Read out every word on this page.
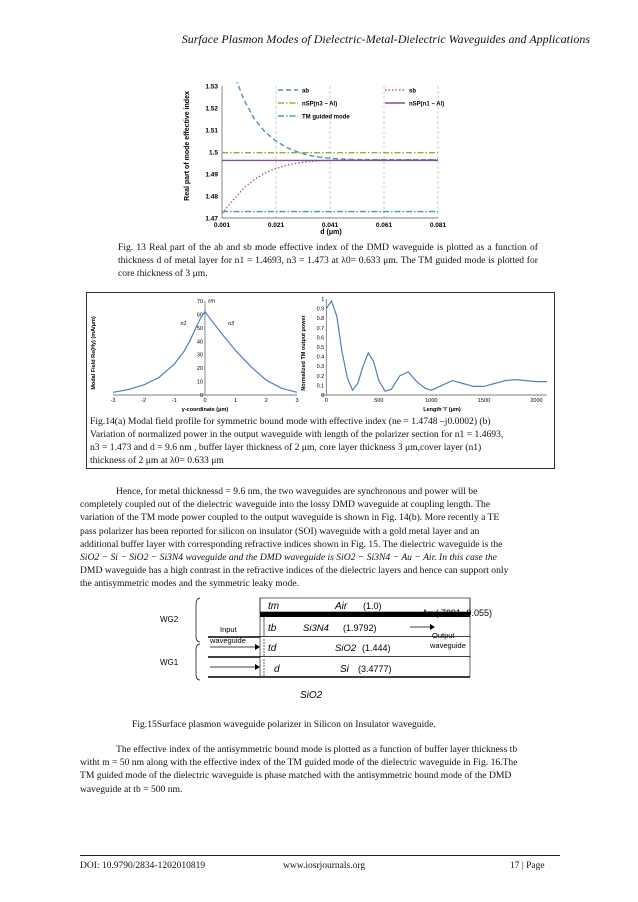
Surface Plasmon Modes of Dielectric-Metal-Dielectric Waveguides and Applications
0.001	0.021	0.041	0.061	0.081
1.47
1.48
1.49
1.5
1.51
1.52
1.53
ab	sb
nSP(n3 − Al)	nSP(n1 − Al)
TM guided mode
Real part of mode effective index
d (μm)
Fig. 13 Real part of the ab and sb mode effective index of the DMD waveguide is plotted as a function of thickness d of metal layer for n1 = 1.4693, n3 = 1.473 at λ0= 0.633 μm. The TM guided mode is plotted for core thickness of 3 μm.
-3	-2	-1	0	1	2	3
0
10
20
30
40
50
60
70
n1
εm
n3
Modal Field Re(Hy) (mA/μm)
y-coordinate (μm)
0	500	1000	1500	2000
0
0.1
0.2
0.3
0.4
0.5
0.6
0.7
0.8
0.9
1
Normalized TM output power
Length 'l' (μm)
Fig.14(a) Modal field profile for symmetric bound mode with effective index (ne = 1.4748 –j0.0002) (b)
Variation of normalized power in the output waveguide with length of the polarizer section for n1 = 1.4693,
n3 = 1.473 and d = 9.6 nm , buffer layer thickness of 2 μm, core layer thickness 3 μm,cover layer (n1)
thickness of 2 μm at λ0= 0.633 μm
Hence, for metal thicknessd = 9.6 nm, the two waveguides are synchronous and power will be
completely coupled out of the dielectric waveguide into the lossy DMD waveguide at coupling length. The
variation of the TM mode power coupled to the output waveguide is shown in Fig. 14(b). More recently a TE
pass polarizer has been reported for silicon on insulator (SOI) waveguide with a gold metal layer and an
additional buffer layer with corresponding refractive indices shown in Fig. 15. The dielectric waveguide is the
SiO2 − Si − SiO2 − Si3N4 waveguide and the DMD waveguide is SiO2 − Si3N4 − Au − Air. In this case the
DMD waveguide has a high contrast in the refractive indices of the dielectric layers and hence can support only
the antisymmetric modes and the symmetric leaky mode.
WG2
WG1
Input
waveguide
Output
waveguide
tm
tb
td
d
Air (1.0)
Si3N4 (1.9792)
SiO2 (1.444)
Si (3.4777)
SiO2
Au (.7891,-9.055)
Fig.15Surface plasmon waveguide polarizer in Silicon on Insulator waveguide.
The effective index of the antisymmetric bound mode is plotted as a function of buffer layer thickness tb
witht m = 50 nm along with the effective index of the TM guided mode of the dielectric waveguide in Fig. 16.The
TM guided mode of the dielectric waveguide is phase matched with the antisymmetric bound mode of the DMD
waveguide at tb = 500 nm.
DOI: 10.9790/2834-1202010819	www.iosrjournals.org	17 | Page
